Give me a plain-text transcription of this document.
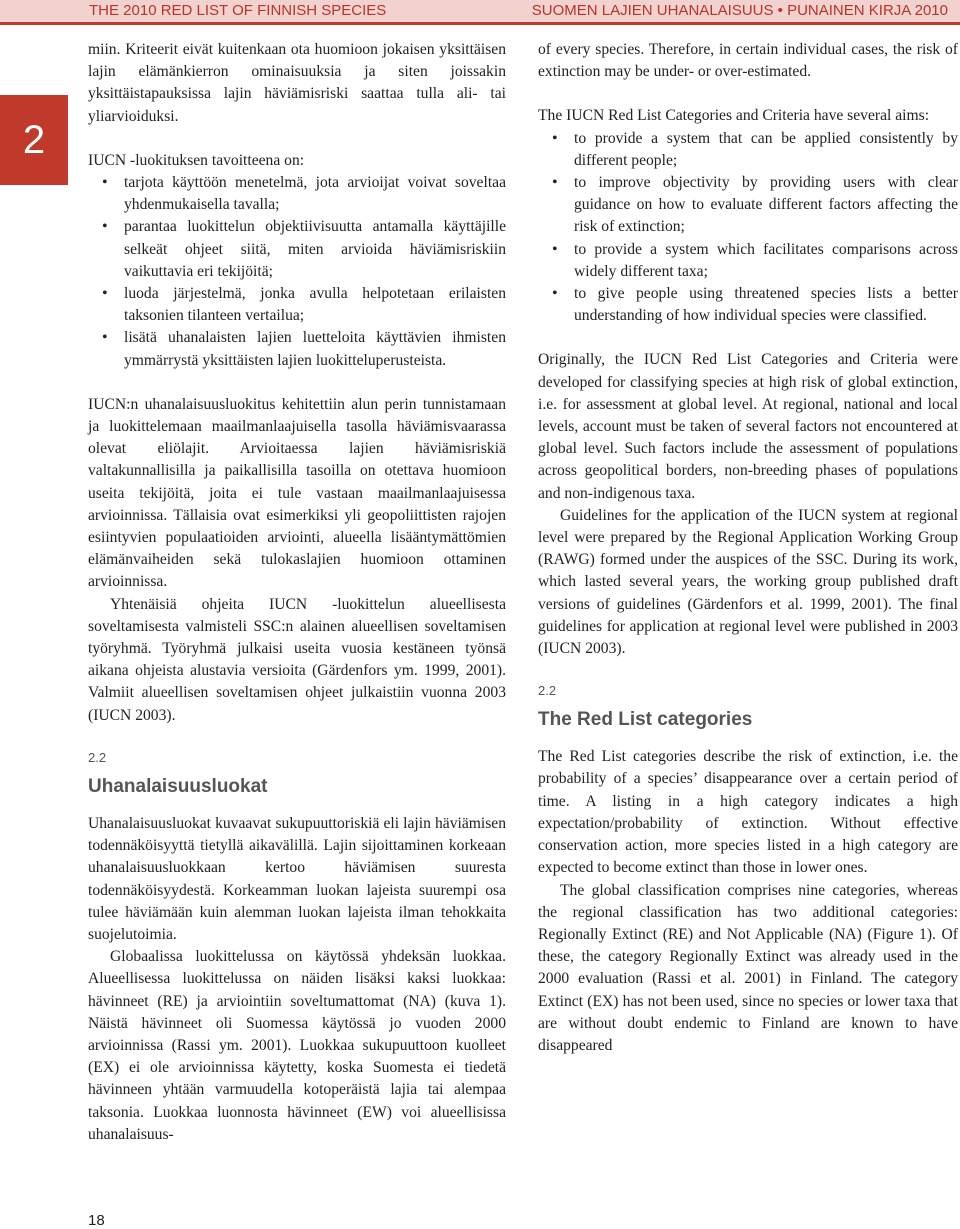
THE 2010 RED LIST OF FINNISH SPECIES	SUOMEN LAJIEN UHANALAISUUS • PUNAINEN KIRJA 2010
2

miin. Kriteerit eivät kuitenkaan ota huomioon jokaisen yksittäisen lajin elämänkierron ominaisuuksia ja siten joissakin yksittäistapauksissa lajin häviämisriski saattaa tulla ali- tai yliarvioiduksi.

IUCN -luokituksen tavoitteena on:

• tarjota käyttöön menetelmä, jota arvioijat voivat soveltaa yhdenmukaisella tavalla;
• parantaa luokittelun objektiivisuutta antamalla käyttäjille selkeät ohjeet siitä, miten arvioida häviämisriskiin vaikuttavia eri tekijöitä;
• luoda järjestelmä, jonka avulla helpotetaan erilaisten taksonien tilanteen vertailua;
• lisätä uhanalaisten lajien luetteloita käyttävien ihmisten ymmärrystä yksittäisten lajien luokitteluperusteista.

IUCN:n uhanalaisuusluokitus kehitettiin alun perin tunnistamaan ja luokittelemaan maailmanlaajuisella tasolla häviämisvaarassa olevat eliölajit. Arvioitaessa lajien häviämisriskiä valtakunnallisilla ja paikallisilla tasoilla on otettava huomioon useita tekijöitä, joita ei tule vastaan maailmanlaajuisessa arvioinnissa. Tällaisia ovat esimerkiksi yli geopoliittisten rajojen esiintyvien populaatioiden arviointi, alueella lisääntymättömien elämänvaiheiden sekä tulokaslajien huomioon ottaminen arvioinnissa.

Yhtenäisiä ohjeita IUCN -luokittelun alueellisesta soveltamisesta valmisteli SSC:n alainen alueellisen soveltamisen työryhmä. Työryhmä julkaisi useita vuosia kestäneen työnsä aikana ohjeista alustavia versioita (Gärdenfors ym. 1999, 2001). Valmiit alueellisen soveltamisen ohjeet julkaistiin vuonna 2003 (IUCN 2003).

2.2
Uhanalaisuusluokat

Uhanalaisuusluokat kuvaavat sukupuuttoriskiä eli lajin häviämisen todennäköisyyttä tietyllä aikavälillä. Lajin sijoittaminen korkeaan uhanalaisuusluokkaan kertoo häviämisen suuresta todennäköisyydestä. Korkeamman luokan lajeista suurempi osa tulee häviämään kuin alemman luokan lajeista ilman tehokkaita suojelutoimia.

Globaalissa luokittelussa on käytössä yhdeksän luokkaa. Alueellisessa luokittelussa on näiden lisäksi kaksi luokkaa: hävinneet (RE) ja arviointiin soveltumattomat (NA) (kuva 1). Näistä hävinneet oli Suomessa käytössä jo vuoden 2000 arvioinnissa (Rassi ym. 2001). Luokkaa sukupuuttoon kuolleet (EX) ei ole arvioinnissa käytetty, koska Suomesta ei tiedetä hävinneen yhtään varmuudella kotoperäistä lajia tai alempaa taksonia. Luokkaa luonnosta hävinneet (EW) voi alueellisissa uhanalaisuus-

of every species. Therefore, in certain individual cases, the risk of extinction may be under- or over-estimated.

The IUCN Red List Categories and Criteria have several aims:

• to provide a system that can be applied consistently by different people;
• to improve objectivity by providing users with clear guidance on how to evaluate different factors affecting the risk of extinction;
• to provide a system which facilitates comparisons across widely different taxa;
• to give people using threatened species lists a better understanding of how individual species were classified.

Originally, the IUCN Red List Categories and Criteria were developed for classifying species at high risk of global extinction, i.e. for assessment at global level. At regional, national and local levels, account must be taken of several factors not encountered at global level. Such factors include the assessment of populations across geopolitical borders, non-breeding phases of populations and non-indigenous taxa.

Guidelines for the application of the IUCN system at regional level were prepared by the Regional Application Working Group (RAWG) formed under the auspices of the SSC. During its work, which lasted several years, the working group published draft versions of guidelines (Gärdenfors et al. 1999, 2001). The final guidelines for application at regional level were published in 2003 (IUCN 2003).

2.2
The Red List categories

The Red List categories describe the risk of extinction, i.e. the probability of a species’ disappearance over a certain period of time. A listing in a high category indicates a high expectation/probability of extinction. Without effective conservation action, more species listed in a high category are expected to become extinct than those in lower ones.

The global classification comprises nine categories, whereas the regional classification has two additional categories: Regionally Extinct (RE) and Not Applicable (NA) (Figure 1). Of these, the category Regionally Extinct was already used in the 2000 evaluation (Rassi et al. 2001) in Finland. The category Extinct (EX) has not been used, since no species or lower taxa that are without doubt endemic to Finland are known to have disappeared

18
